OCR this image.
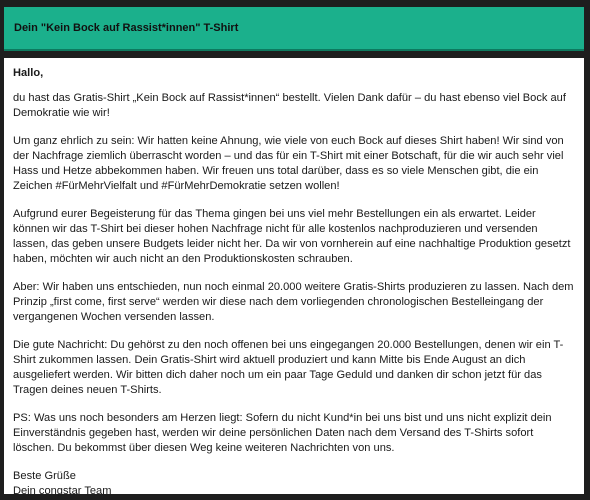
Dein "Kein Bock auf Rassist*innen" T-Shirt

Hallo,

du hast das Gratis-Shirt „Kein Bock auf Rassist*innen“ bestellt. Vielen Dank dafür – du hast ebenso viel Bock auf Demokratie wie wir!

Um ganz ehrlich zu sein: Wir hatten keine Ahnung, wie viele von euch Bock auf dieses Shirt haben! Wir sind von der Nachfrage ziemlich überrascht worden – und das für ein T-Shirt mit einer Botschaft, für die wir auch sehr viel Hass und Hetze abbekommen haben. Wir freuen uns total darüber, dass es so viele Menschen gibt, die ein Zeichen #FürMehrVielfalt und #FürMehrDemokratie setzen wollen!

Aufgrund eurer Begeisterung für das Thema gingen bei uns viel mehr Bestellungen ein als erwartet. Leider können wir das T-Shirt bei dieser hohen Nachfrage nicht für alle kostenlos nachproduzieren und versenden lassen, das geben unsere Budgets leider nicht her. Da wir von vornherein auf eine nachhaltige Produktion gesetzt haben, möchten wir auch nicht an den Produktionskosten schrauben.

Aber: Wir haben uns entschieden, nun noch einmal 20.000 weitere Gratis-Shirts produzieren zu lassen. Nach dem Prinzip „first come, first serve“ werden wir diese nach dem vorliegenden chronologischen Bestelleingang der vergangenen Wochen versenden lassen.

Die gute Nachricht: Du gehörst zu den noch offenen bei uns eingegangen 20.000 Bestellungen, denen wir ein T-Shirt zukommen lassen. Dein Gratis-Shirt wird aktuell produziert und kann Mitte bis Ende August an dich ausgeliefert werden. Wir bitten dich daher noch um ein paar Tage Geduld und danken dir schon jetzt für das Tragen deines neuen T-Shirts.

PS: Was uns noch besonders am Herzen liegt: Sofern du nicht Kund*in bei uns bist und uns nicht explizit dein Einverständnis gegeben hast, werden wir deine persönlichen Daten nach dem Versand des T-Shirts sofort löschen. Du bekommst über diesen Weg keine weiteren Nachrichten von uns.

Beste Grüße

Dein congstar Team
